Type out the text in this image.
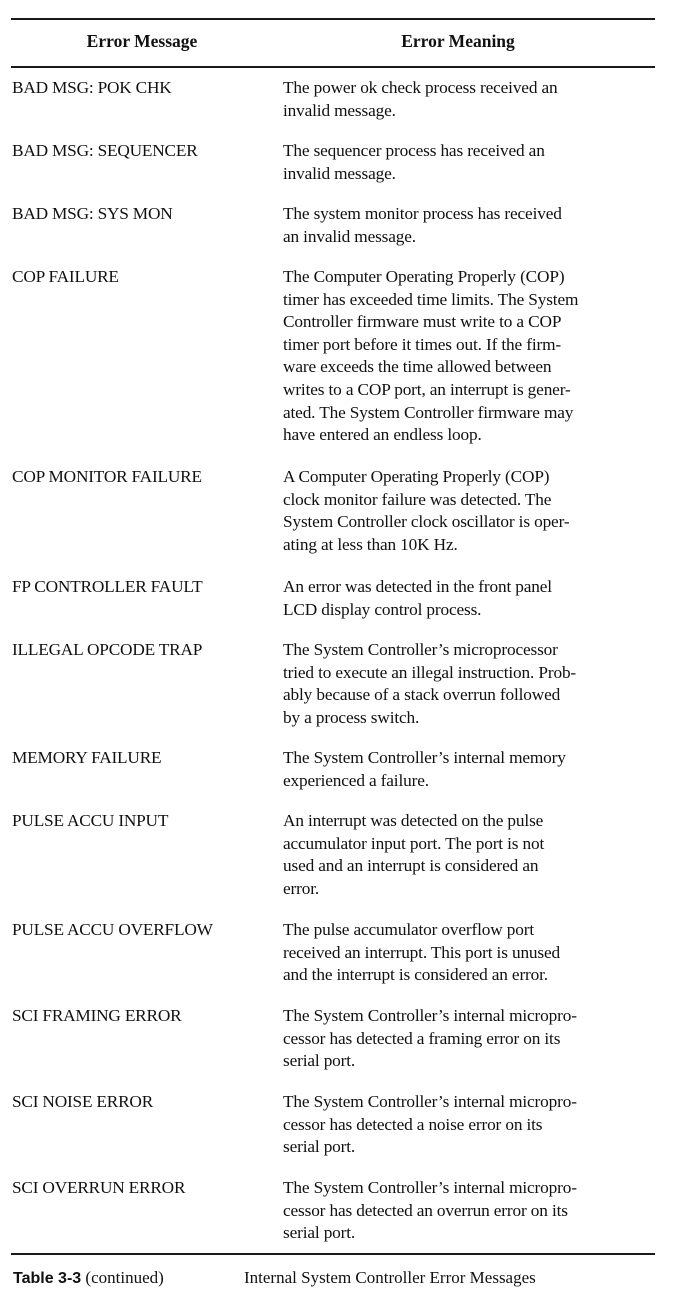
Error Message	Error Meaning
BAD MSG: POK CHK	The power ok check process received an
invalid message.
BAD MSG: SEQUENCER	The sequencer process has received an
invalid message.
BAD MSG: SYS MON	The system monitor process has received
an invalid message.
COP FAILURE	The Computer Operating Properly (COP)
timer has exceeded time limits. The System
Controller firmware must write to a COP
timer port before it times out. If the firm-
ware exceeds the time allowed between
writes to a COP port, an interrupt is gener-
ated. The System Controller firmware may
have entered an endless loop.
COP MONITOR FAILURE	A Computer Operating Properly (COP)
clock monitor failure was detected. The
System Controller clock oscillator is oper-
ating at less than 10K Hz.
FP CONTROLLER FAULT	An error was detected in the front panel
LCD display control process.
ILLEGAL OPCODE TRAP	The System Controller’s microprocessor
tried to execute an illegal instruction. Prob-
ably because of a stack overrun followed
by a process switch.
MEMORY FAILURE	The System Controller’s internal memory
experienced a failure.
PULSE ACCU INPUT	An interrupt was detected on the pulse
accumulator input port. The port is not
used and an interrupt is considered an
error.
PULSE ACCU OVERFLOW	The pulse accumulator overflow port
received an interrupt. This port is unused
and the interrupt is considered an error.
SCI FRAMING ERROR	The System Controller’s internal micropro-
cessor has detected a framing error on its
serial port.
SCI NOISE ERROR	The System Controller’s internal micropro-
cessor has detected a noise error on its
serial port.
SCI OVERRUN ERROR	The System Controller’s internal micropro-
cessor has detected an overrun error on its
serial port.
Table 3-3 (continued)	Internal System Controller Error Messages
